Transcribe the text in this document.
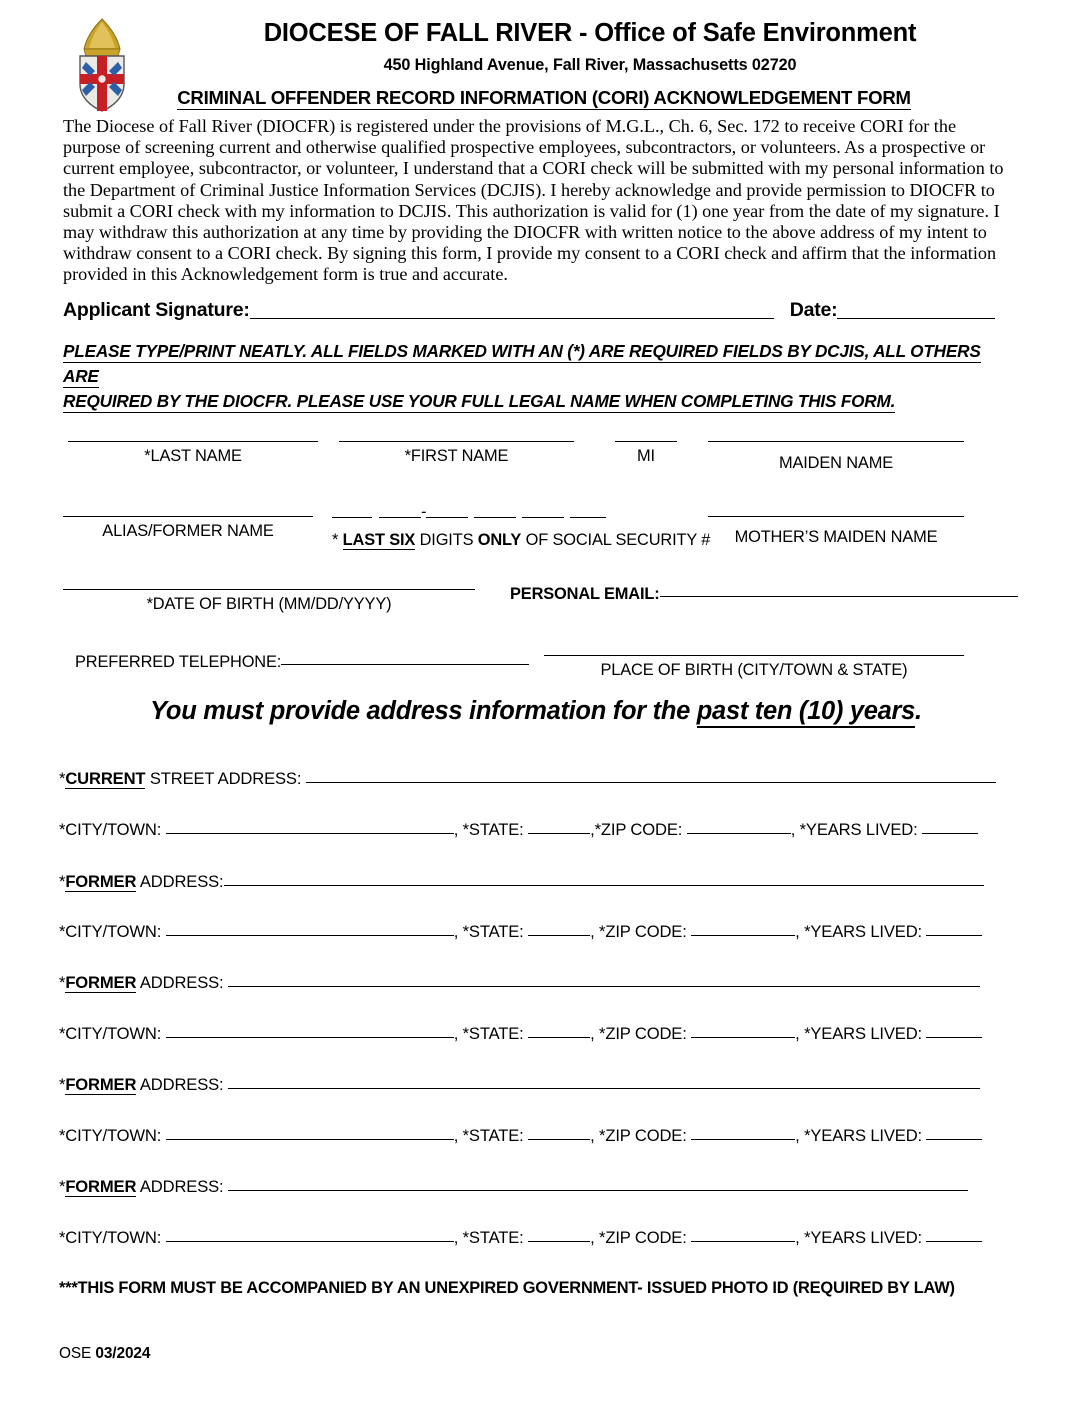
DIOCESE OF FALL RIVER - Office of Safe Environment
450 Highland Avenue, Fall River, Massachusetts 02720
CRIMINAL OFFENDER RECORD INFORMATION (CORI) ACKNOWLEDGEMENT FORM
The Diocese of Fall River (DIOCFR) is registered under the provisions of M.G.L., Ch. 6, Sec. 172 to receive CORI for the purpose of screening current and otherwise qualified prospective employees, subcontractors, or volunteers. As a prospective or current employee, subcontractor, or volunteer, I understand that a CORI check will be submitted with my personal information to the Department of Criminal Justice Information Services (DCJIS). I hereby acknowledge and provide permission to DIOCFR to submit a CORI check with my information to DCJIS. This authorization is valid for (1) one year from the date of my signature. I may withdraw this authorization at any time by providing the DIOCFR with written notice to the above address of my intent to withdraw consent to a CORI check. By signing this form, I provide my consent to a CORI check and affirm that the information provided in this Acknowledgement form is true and accurate.
Applicant Signature:	Date:
PLEASE TYPE/PRINT NEATLY. ALL FIELDS MARKED WITH AN (*) ARE REQUIRED FIELDS BY DCJIS, ALL OTHERS ARE
REQUIRED BY THE DIOCFR. PLEASE USE YOUR FULL LEGAL NAME WHEN COMPLETING THIS FORM.
*LAST NAME	*FIRST NAME	MI	MAIDEN NAME
ALIAS/FORMER NAME
-
* LAST SIX DIGITS ONLY OF SOCIAL SECURITY #	MOTHER’S MAIDEN NAME
*DATE OF BIRTH (MM/DD/YYYY)
PERSONAL EMAIL:
PREFERRED TELEPHONE:	PLACE OF BIRTH (CITY/TOWN & STATE)
You must provide address information for the past ten (10) years.
*CURRENT STREET ADDRESS:
*CITY/TOWN:	, *STATE:	,*ZIP CODE:	, *YEARS LIVED:
*FORMER ADDRESS:
*CITY/TOWN:	, *STATE:	, *ZIP CODE:	, *YEARS LIVED:
*FORMER ADDRESS:
*CITY/TOWN:	, *STATE:	, *ZIP CODE:	, *YEARS LIVED:
*FORMER ADDRESS:
*CITY/TOWN:	, *STATE:	, *ZIP CODE:	, *YEARS LIVED:
*FORMER ADDRESS:
*CITY/TOWN:	, *STATE:	, *ZIP CODE:	, *YEARS LIVED:
***THIS FORM MUST BE ACCOMPANIED BY AN UNEXPIRED GOVERNMENT- ISSUED PHOTO ID (REQUIRED BY LAW)
OSE 03/2024
